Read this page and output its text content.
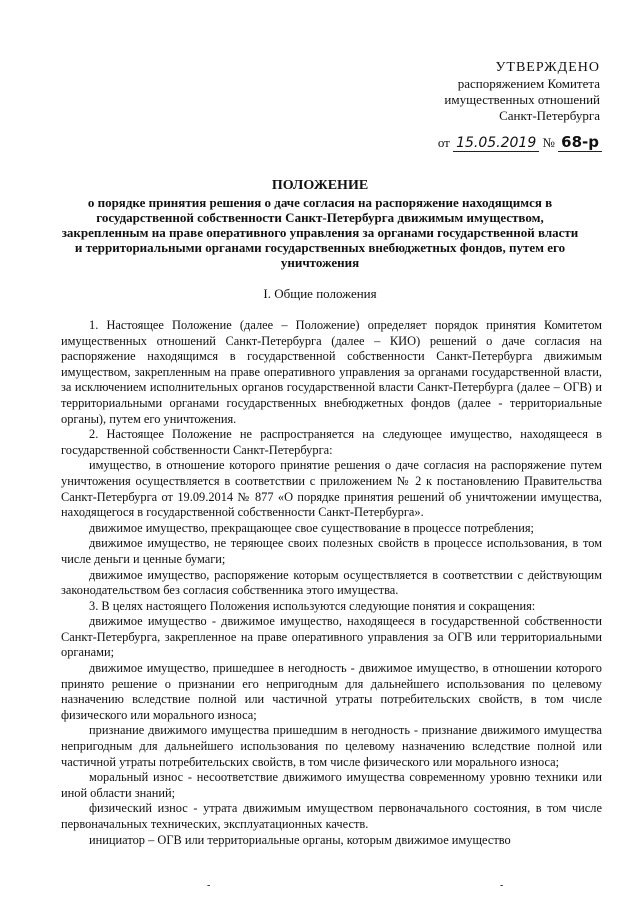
УТВЕРЖДЕНО
распоряжением Комитета
имущественных отношений
Санкт-Петербурга
от 15.05.2019 № 68-р
ПОЛОЖЕНИЕ
о порядке принятия решения о даче согласия на распоряжение находящимся в государственной собственности Санкт-Петербурга движимым имуществом, закрепленным на праве оперативного управления за органами государственной власти и территориальными органами государственных внебюджетных фондов, путем его уничтожения
I. Общие положения

1. Настоящее Положение (далее – Положение) определяет порядок принятия Комитетом имущественных отношений Санкт-Петербурга (далее – КИО) решений о даче согласия на распоряжение находящимся в государственной собственности Санкт-Петербурга движимым имуществом, закрепленным на праве оперативного управления за органами государственной власти, за исключением исполнительных органов государственной власти Санкт-Петербурга (далее – ОГВ) и территориальными органами государственных внебюджетных фондов (далее - территориальные органы), путем его уничтожения.

2. Настоящее Положение не распространяется на следующее имущество, находящееся в государственной собственности Санкт-Петербурга:

имущество, в отношение которого принятие решения о даче согласия на распоряжение путем уничтожения осуществляется в соответствии с приложением № 2 к постановлению Правительства Санкт-Петербурга от 19.09.2014 № 877 «О порядке принятия решений об уничтожении имущества, находящегося в государственной собственности Санкт-Петербурга».

движимое имущество, прекращающее свое существование в процессе потребления;

движимое имущество, не теряющее своих полезных свойств в процессе использования, в том числе деньги и ценные бумаги;

движимое имущество, распоряжение которым осуществляется в соответствии с действующим законодательством без согласия собственника этого имущества.

3. В целях настоящего Положения используются следующие понятия и сокращения:

движимое имущество - движимое имущество, находящееся в государственной собственности Санкт-Петербурга, закрепленное на праве оперативного управления за ОГВ или территориальными органами;

движимое имущество, пришедшее в негодность - движимое имущество, в отношении которого принято решение о признании его непригодным для дальнейшего использования по целевому назначению вследствие полной или частичной утраты потребительских свойств, в том числе физического или морального износа;

признание движимого имущества пришедшим в негодность - признание движимого имущества непригодным для дальнейшего использования по целевому назначению вследствие полной или частичной утраты потребительских свойств, в том числе физического или морального износа;

моральный износ - несоответствие движимого имущества современному уровню техники или иной области знаний;

физический износ - утрата движимым имуществом первоначального состояния, в том числе первоначальных технических, эксплуатационных качеств.

инициатор – ОГВ или территориальные органы, которым движимое имущество

-	-
